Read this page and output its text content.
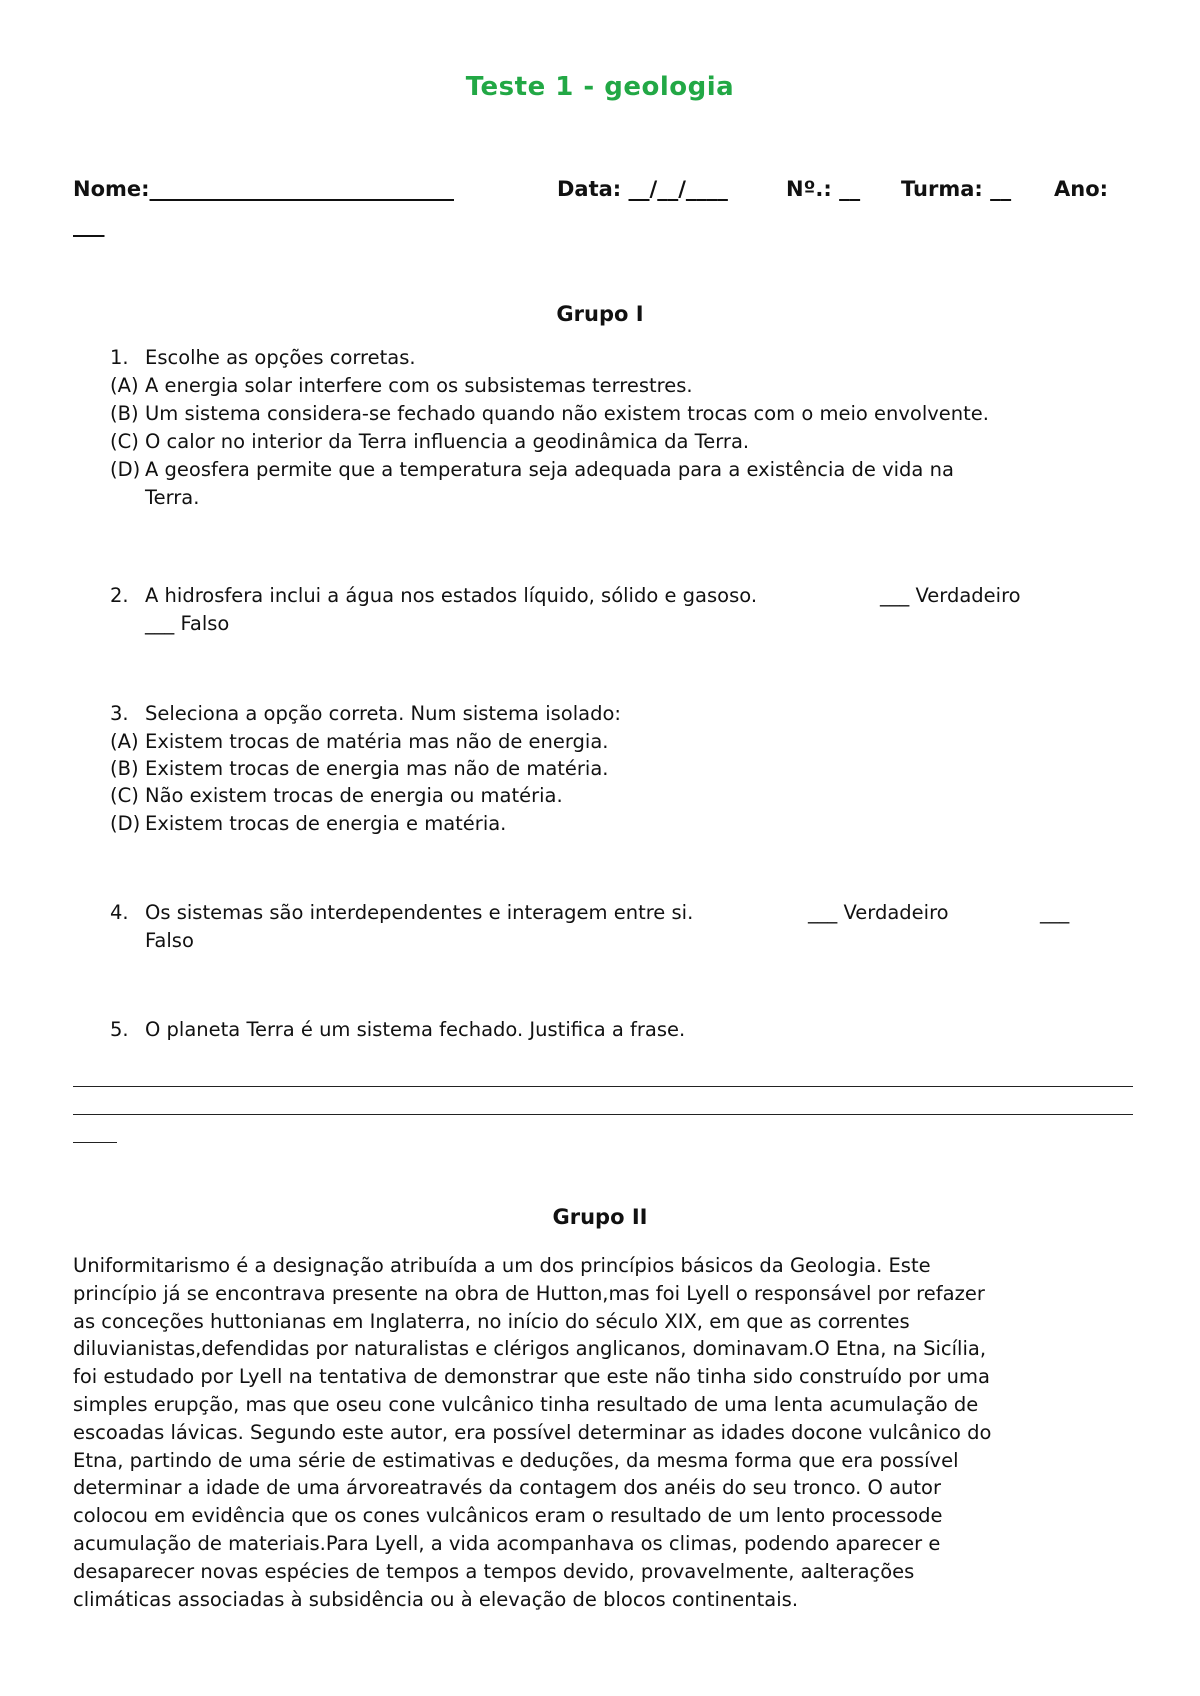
Teste 1 - geologia
Nome:_____________________________	Data: __/__/____	Nº.: __ Turma: __ Ano:
___
Grupo I
1. Escolhe as opções corretas.
(A) A energia solar interfere com os subsistemas terrestres.
(B) Um sistema considera-se fechado quando não existem trocas com o meio envolvente.
(C) O calor no interior da Terra influencia a geodinâmica da Terra.
(D) A geosfera permite que a temperatura seja adequada para a existência de vida na
Terra.
2. A hidrosfera inclui a água nos estados líquido, sólido e gasoso.	___ Verdadeiro
___ Falso
3. Seleciona a opção correta. Num sistema isolado:
(A) Existem trocas de matéria mas não de energia.
(B) Existem trocas de energia mas não de matéria.
(C) Não existem trocas de energia ou matéria.
(D) Existem trocas de energia e matéria.
4. Os sistemas são interdependentes e interagem entre si.	___ Verdadeiro	___
Falso
5. O planeta Terra é um sistema fechado. Justifica a frase.
Grupo II
Uniformitarismo é a designação atribuída a um dos princípios básicos da Geologia. Este
princípio já se encontrava presente na obra de Hutton,mas foi Lyell o responsável por refazer
as conceções huttonianas em Inglaterra, no início do século XIX, em que as correntes
diluvianistas,defendidas por naturalistas e clérigos anglicanos, dominavam.O Etna, na Sicília,
foi estudado por Lyell na tentativa de demonstrar que este não tinha sido construído por uma
simples erupção, mas que oseu cone vulcânico tinha resultado de uma lenta acumulação de
escoadas lávicas. Segundo este autor, era possível determinar as idades docone vulcânico do
Etna, partindo de uma série de estimativas e deduções, da mesma forma que era possível
determinar a idade de uma árvoreatravés da contagem dos anéis do seu tronco. O autor
colocou em evidência que os cones vulcânicos eram o resultado de um lento processode
acumulação de materiais.Para Lyell, a vida acompanhava os climas, podendo aparecer e
desaparecer novas espécies de tempos a tempos devido, provavelmente, aalterações
climáticas associadas à subsidência ou à elevação de blocos continentais.
